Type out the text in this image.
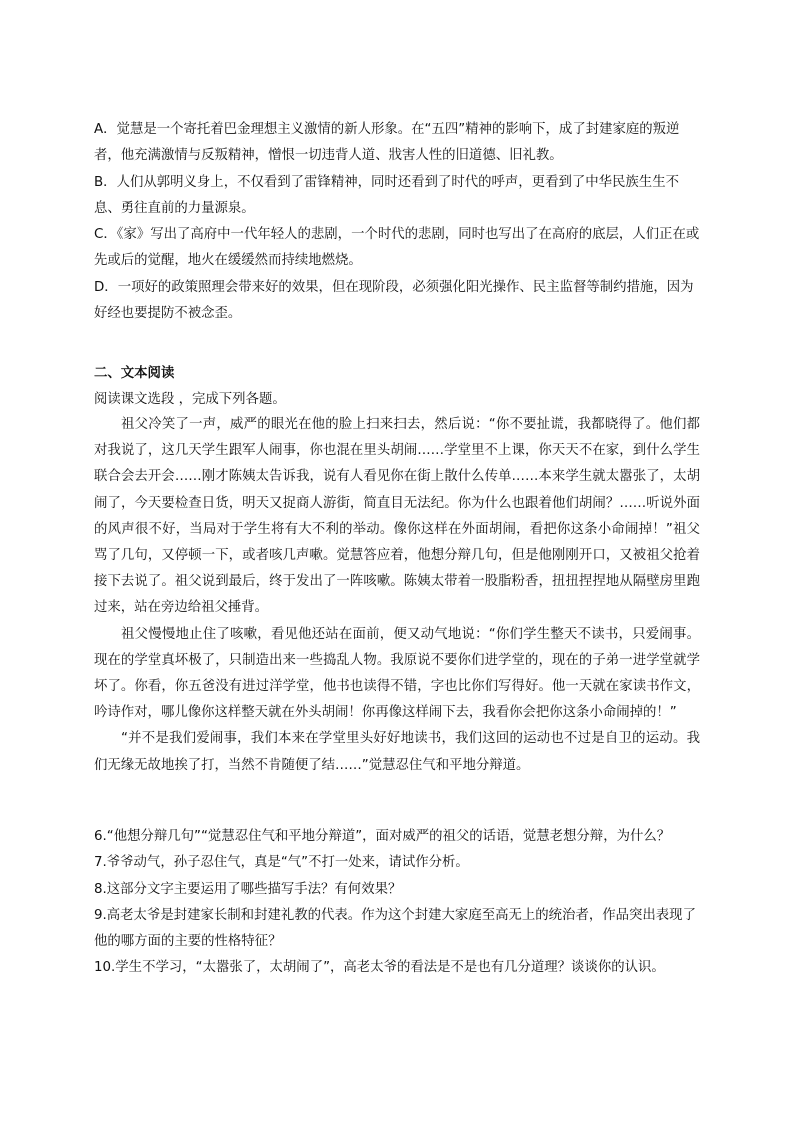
A．觉慧是一个寄托着巴金理想主义激情的新人形象。在“五四”精神的影响下，成了封建家庭的叛逆者，他充满激情与反叛精神，憎恨一切违背人道、戕害人性的旧道德、旧礼教。

B．人们从郭明义身上，不仅看到了雷锋精神，同时还看到了时代的呼声，更看到了中华民族生生不息、勇往直前的力量源泉。

C．《家》写出了高府中一代年轻人的悲剧，一个时代的悲剧，同时也写出了在高府的底层，人们正在或先或后的觉醒，地火在缓缓然而持续地燃烧。

D．一项好的政策照理会带来好的效果，但在现阶段，必须强化阳光操作、民主监督等制约措施，因为好经也要提防不被念歪。

二、文本阅读
阅读课文选段 ，完成下列各题。

祖父冷笑了一声，威严的眼光在他的脸上扫来扫去，然后说：“你不要扯谎，我都晓得了。他们都对我说了，这几天学生跟军人闹事，你也混在里头胡闹……学堂里不上课，你天天不在家，到什么学生联合会去开会……刚才陈姨太告诉我，说有人看见你在街上散什么传单……本来学生就太嚣张了，太胡闹了，今天要检查日货，明天又捉商人游街，简直目无法纪。你为什么也跟着他们胡闹？……听说外面的风声很不好，当局对于学生将有大不利的举动。像你这样在外面胡闹，看把你这条小命闹掉！”祖父骂了几句，又停顿一下，或者咳几声嗽。觉慧答应着，他想分辩几句，但是他刚刚开口，又被祖父抢着接下去说了。祖父说到最后，终于发出了一阵咳嗽。陈姨太带着一股脂粉香，扭扭捏捏地从隔壁房里跑过来，站在旁边给祖父捶背。

祖父慢慢地止住了咳嗽，看见他还站在面前，便又动气地说：“你们学生整天不读书，只爱闹事。现在的学堂真坏极了，只制造出来一些捣乱人物。我原说不要你们进学堂的，现在的子弟一进学堂就学坏了。你看，你五爸没有进过洋学堂，他书也读得不错，字也比你们写得好。他一天就在家读书作文，吟诗作对，哪儿像你这样整天就在外头胡闹！你再像这样闹下去，我看你会把你这条小命闹掉的！”

“并不是我们爱闹事，我们本来在学堂里头好好地读书，我们这回的运动也不过是自卫的运动。我们无缘无故地挨了打，当然不肯随便了结……”觉慧忍住气和平地分辩道。

6.“他想分辩几句”“觉慧忍住气和平地分辩道”，面对威严的祖父的话语，觉慧老想分辩，为什么？

7.爷爷动气，孙子忍住气，真是“气”不打一处来，请试作分析。

8.这部分文字主要运用了哪些描写手法？有何效果？

9.高老太爷是封建家长制和封建礼教的代表。作为这个封建大家庭至高无上的统治者，作品突出表现了他的哪方面的主要的性格特征？

10.学生不学习，“太嚣张了，太胡闹了”，高老太爷的看法是不是也有几分道理？谈谈你的认识。
